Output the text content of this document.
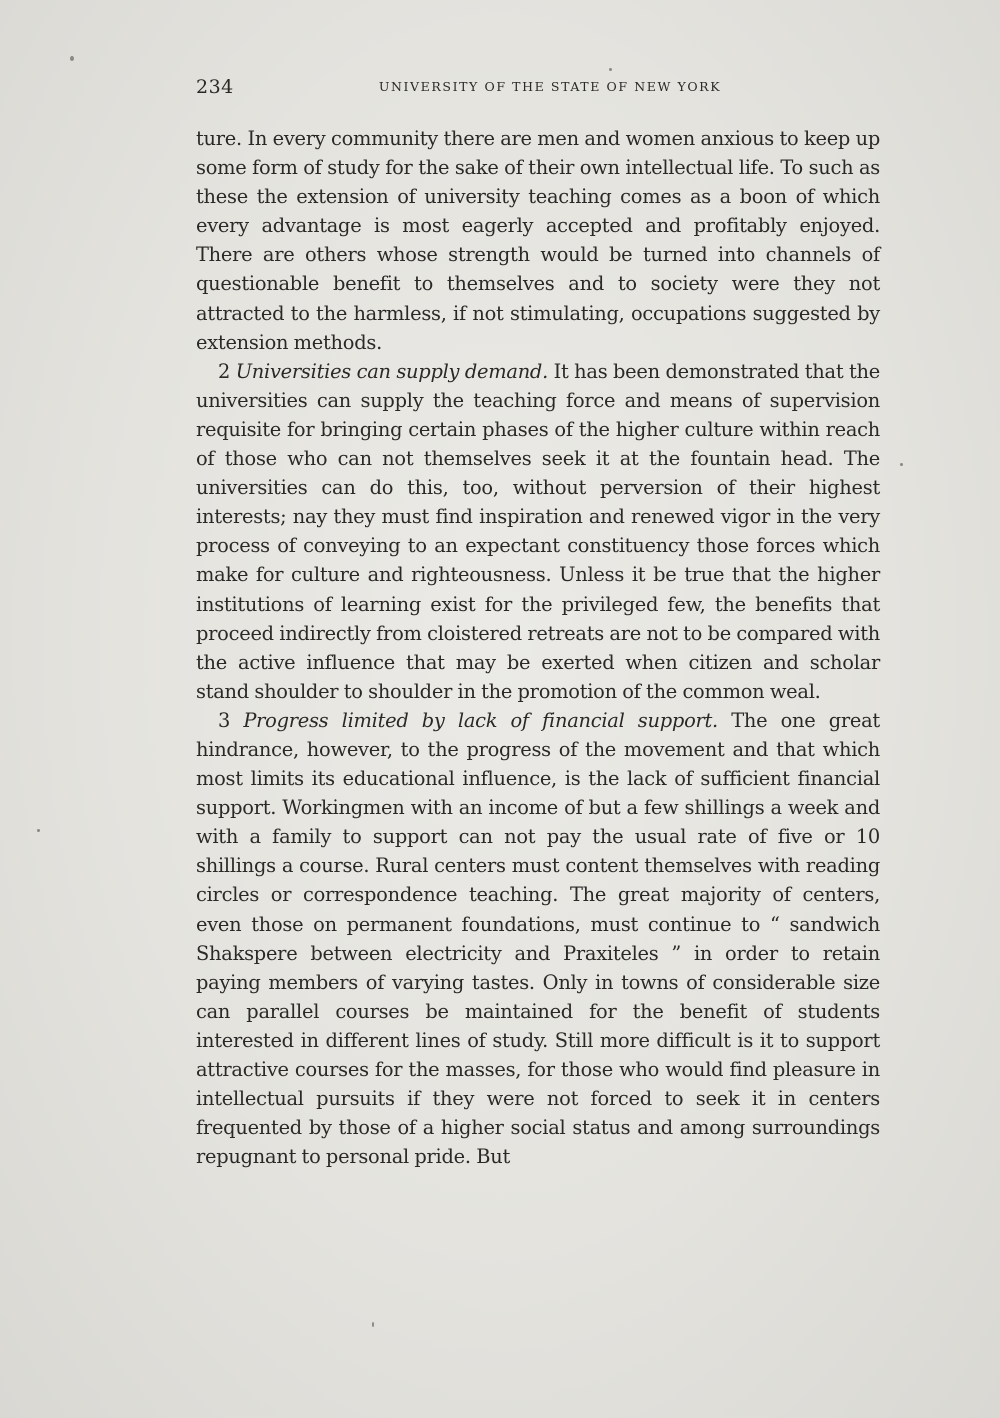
234	UNIVERSITY OF THE STATE OF NEW YORK

ture. In every community there are men and women anxious to keep up some form of study for the sake of their own intellectual life. To such as these the extension of university teaching comes as a boon of which every advantage is most eagerly accepted and profitably enjoyed. There are others whose strength would be turned into channels of questionable benefit to themselves and to society were they not attracted to the harmless, if not stimulating, occupations suggested by extension methods.

2 Universities can supply demand. It has been demonstrated that the universities can supply the teaching force and means of supervision requisite for bringing certain phases of the higher culture within reach of those who can not themselves seek it at the fountain head. The universities can do this, too, without perversion of their highest interests; nay they must find inspiration and renewed vigor in the very process of conveying to an expectant constituency those forces which make for culture and righteousness. Unless it be true that the higher institutions of learning exist for the privileged few, the benefits that proceed indirectly from cloistered retreats are not to be compared with the active influence that may be exerted when citizen and scholar stand shoulder to shoulder in the promotion of the common weal.

3 Progress limited by lack of financial support. The one great hindrance, however, to the progress of the movement and that which most limits its educational influence, is the lack of sufficient financial support. Workingmen with an income of but a few shillings a week and with a family to support can not pay the usual rate of five or 10 shillings a course. Rural centers must content themselves with reading circles or correspondence teaching. The great majority of centers, even those on permanent foundations, must continue to “ sandwich Shakspere between electricity and Praxiteles ” in order to retain paying members of varying tastes. Only in towns of considerable size can parallel courses be maintained for the benefit of students interested in different lines of study. Still more difficult is it to support attractive courses for the masses, for those who would find pleasure in intellectual pursuits if they were not forced to seek it in centers frequented by those of a higher social status and among surroundings repugnant to personal pride. But
